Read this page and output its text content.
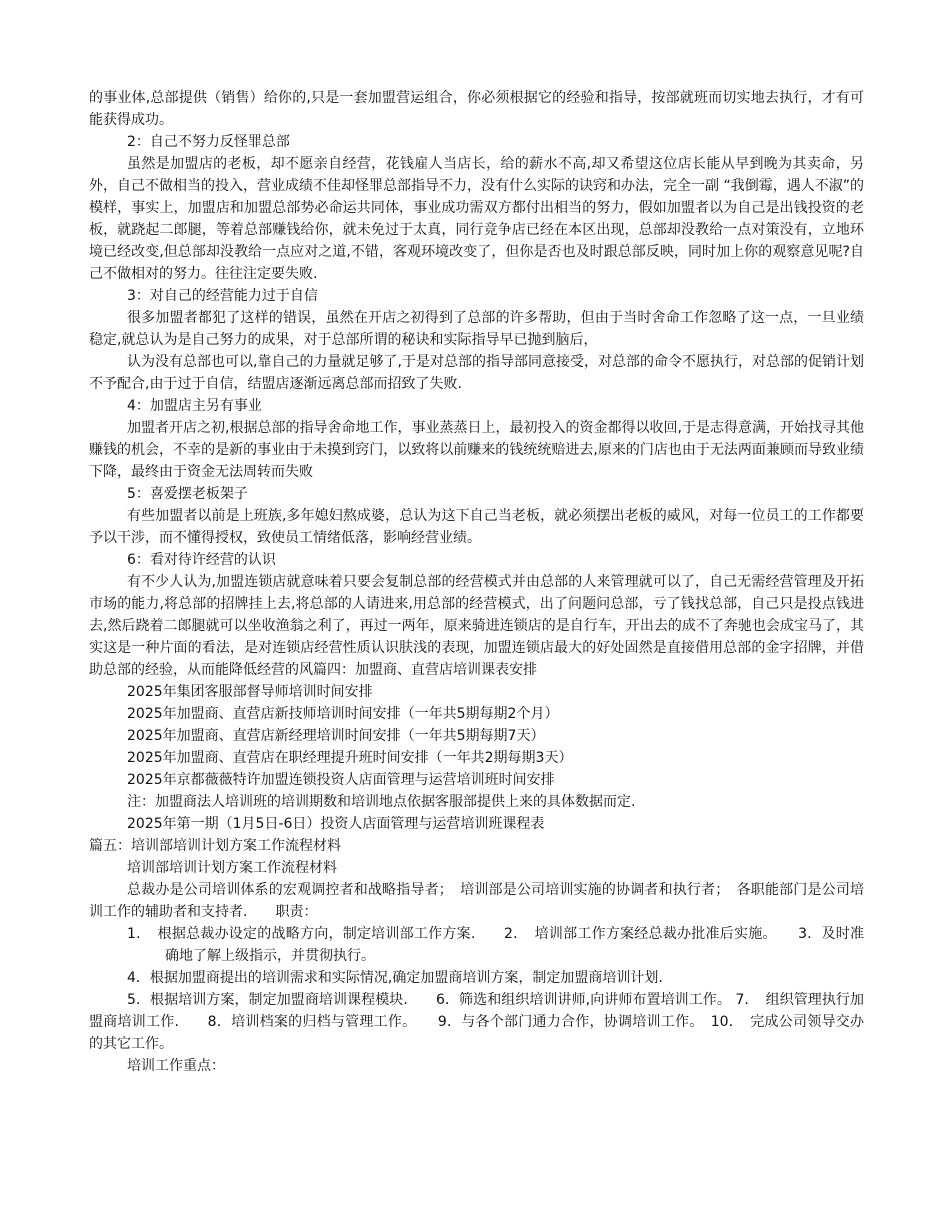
的事业体,总部提供（销售）给你的,只是一套加盟营运组合，你必须根据它的经验和指导，按部就班而切实地去执行，才有可能获得成功。

2：自己不努力反怪罪总部

虽然是加盟店的老板，却不愿亲自经营，花钱雇人当店长，给的薪水不高,却又希望这位店长能从早到晚为其卖命，另外，自己不做相当的投入，营业成绩不佳却怪罪总部指导不力，没有什么实际的诀窍和办法，完全一副 “我倒霉，遇人不淑”的模样，事实上，加盟店和加盟总部势必命运共同体，事业成功需双方都付出相当的努力，假如加盟者以为自己是出钱投资的老板，就跷起二郎腿，等着总部赚钱给你，就未免过于太真，同行竞争店已经在本区出现，总部却没教给一点对策没有，立地环境已经改变,但总部却没教给一点应对之道,不错，客观环境改变了，但你是否也及时跟总部反映，同时加上你的观察意见呢?自己不做相对的努力。往往注定要失败.

3：对自己的经营能力过于自信

很多加盟者都犯了这样的错误，虽然在开店之初得到了总部的许多帮助，但由于当时舍命工作忽略了这一点，一旦业绩稳定,就总认为是自己努力的成果，对于总部所谓的秘诀和实际指导早已抛到脑后，

认为没有总部也可以,靠自己的力量就足够了,于是对总部的指导部同意接受，对总部的命令不愿执行，对总部的促销计划不予配合,由于过于自信，结盟店逐渐远离总部而招致了失败.

4：加盟店主另有事业

加盟者开店之初,根据总部的指导舍命地工作，事业蒸蒸日上，最初投入的资金都得以收回,于是志得意满，开始找寻其他赚钱的机会，不幸的是新的事业由于未摸到窍门，以致将以前赚来的钱统统赔进去,原来的门店也由于无法两面兼顾而导致业绩下降，最终由于资金无法周转而失败

5：喜爱摆老板架子

有些加盟者以前是上班族,多年媳妇熬成婆，总认为这下自己当老板，就必须摆出老板的威风，对每一位员工的工作都要予以干涉，而不懂得授权，致使员工情绪低落，影响经营业绩。

6：看对待许经营的认识

有不少人认为,加盟连锁店就意味着只要会复制总部的经营模式并由总部的人来管理就可以了，自己无需经营管理及开拓市场的能力,将总部的招牌挂上去,将总部的人请进来,用总部的经营模式，出了问题问总部，亏了钱找总部，自己只是投点钱进去,然后跷着二郎腿就可以坐收渔翁之利了，再过一两年，原来骑进连锁店的是自行车，开出去的成不了奔驰也会成宝马了，其实这是一种片面的看法，是对连锁店经营性质认识肤浅的表现，加盟连锁店最大的好处固然是直接借用总部的金字招牌，并借助总部的经验，从而能降低经营的风篇四：加盟商、直营店培训课表安排

2025年集团客服部督导师培训时间安排

2025年加盟商、直营店新技师培训时间安排（一年共5期每期2个月）

2025年加盟商、直营店新经理培训时间安排（一年共5期每期7天）

2025年加盟商、直营店在职经理提升班时间安排（一年共2期每期3天）

2025年京都薇薇特许加盟连锁投资人店面管理与运营培训班时间安排

注：加盟商法人培训班的培训期数和培训地点依据客服部提供上来的具体数据而定.

2025年第一期（1月5日-6日）投资人店面管理与运营培训班课程表

篇五：培训部培训计划方案工作流程材料

培训部培训计划方案工作流程材料

总裁办是公司培训体系的宏观调控者和战略指导者；　培训部是公司培训实施的协调者和执行者；　各职能部门是公司培训工作的辅助者和支持者.　　职责：

1．　根据总裁办设定的战略方向，制定培训部工作方案.　　2．　培训部工作方案经总裁办批准后实施。　　3．及时准确地了解上级指示，并贯彻执行。

4．根据加盟商提出的培训需求和实际情况,确定加盟商培训方案，制定加盟商培训计划.

5．根据培训方案，制定加盟商培训课程模块.　　6．筛选和组织培训讲师,向讲师布置培训工作。 7．　组织管理执行加盟商培训工作.　　8．培训档案的归档与管理工作。　　9．与各个部门通力合作，协调培训工作。　10．　完成公司领导交办的其它工作。

培训工作重点：
